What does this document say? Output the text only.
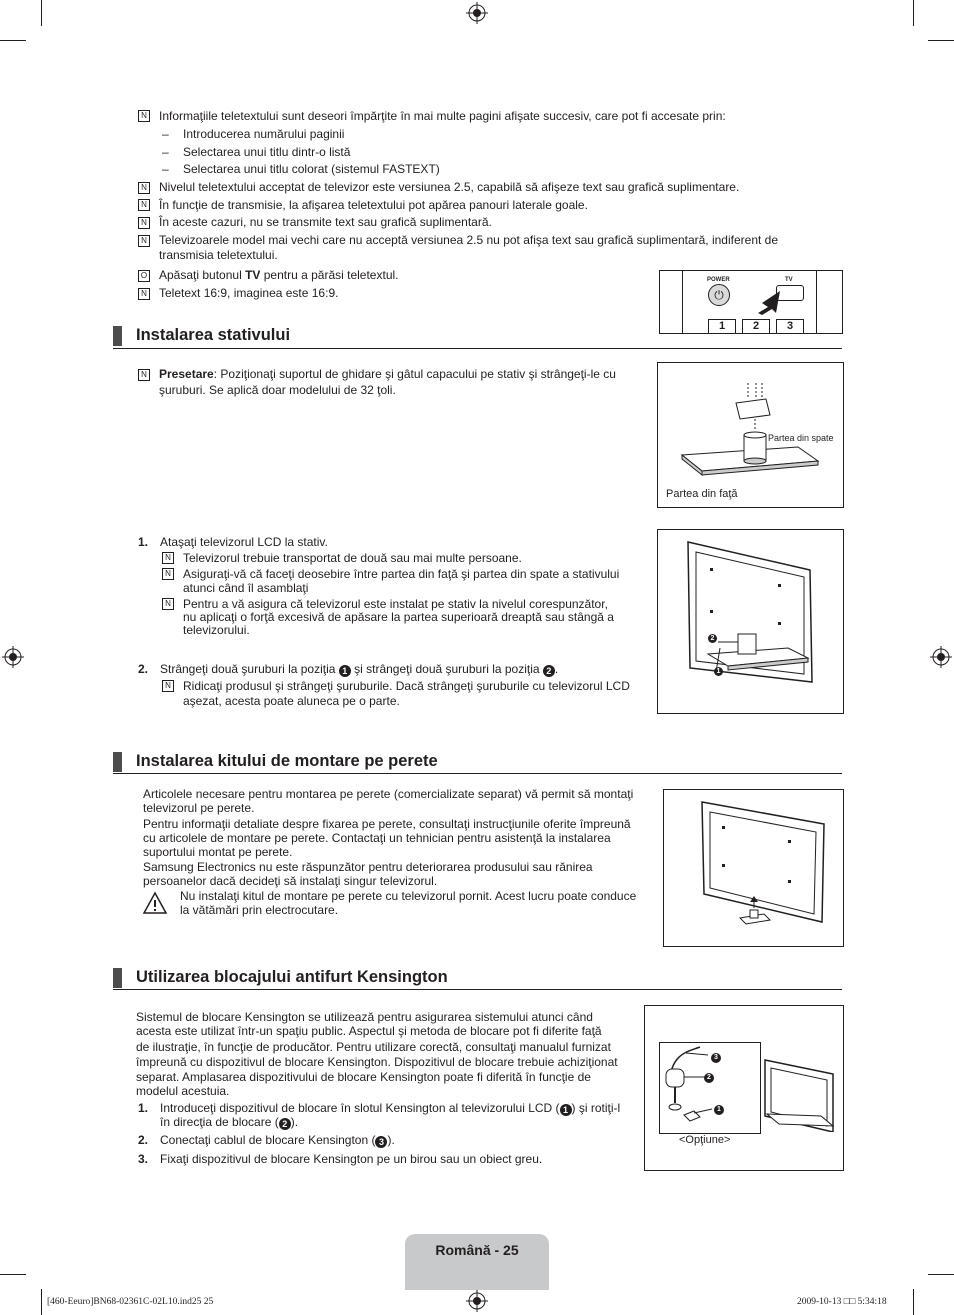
N Informaţiile teletextului sunt deseori împărţite în mai multe pagini afişate succesiv, care pot fi accesate prin:
– Introducerea numărului paginii
– Selectarea unui titlu dintr-o listă
– Selectarea unui titlu colorat (sistemul FASTEXT)
N Nivelul teletextului acceptat de televizor este versiunea 2.5, capabilă să afişeze text sau grafică suplimentare.
N În funcţie de transmisie, la afişarea teletextului pot apărea panouri laterale goale.
N În aceste cazuri, nu se transmite text sau grafică suplimentară.
N Televizoarele model mai vechi care nu acceptă versiunea 2.5 nu pot afişa text sau grafică suplimentară, indiferent de
transmisia teletextului.
O Apăsaţi butonul TV pentru a părăsi teletextul.
N Teletext 16:9, imaginea este 16:9.
POWER
⏻
TV
1	2	3
Instalarea stativului
N Presetare: Poziţionaţi suportul de ghidare şi gâtul capacului pe stativ şi strângeţi-le cu
şuruburi. Se aplică doar modelului de 32 ţoli.
Partea din spate
Partea din faţă
1. Ataşaţi televizorul LCD la stativ.
N Televizorul trebuie transportat de două sau mai multe persoane.
N Asiguraţi-vă că faceţi deosebire între partea din faţă şi partea din spate a stativului
atunci când îl asamblaţi
N Pentru a vă asigura că televizorul este instalat pe stativ la nivelul corespunzător,
nu aplicaţi o forţă excesivă de apăsare la partea superioară dreaptă sau stângă a
televizorului.
2. Strângeţi două şuruburi la poziţia 1 şi strângeţi două şuruburi la poziţia 2 .
N Ridicaţi produsul şi strângeţi şuruburile. Dacă strângeţi şuruburile cu televizorul LCD
aşezat, acesta poate aluneca pe o parte.
2
1
Instalarea kitului de montare pe perete
Articolele necesare pentru montarea pe perete (comercializate separat) vă permit să montaţi
televizorul pe perete.
Pentru informaţii detaliate despre fixarea pe perete, consultaţi instrucţiunile oferite împreună
cu articolele de montare pe perete. Contactaţi un tehnician pentru asistenţă la instalarea
suportului montat pe perete.
Samsung Electronics nu este răspunzător pentru deteriorarea produsului sau rănirea
persoanelor dacă decideţi să instalaţi singur televizorul.
Nu instalaţi kitul de montare pe perete cu televizorul pornit. Acest lucru poate conduce
la vătămări prin electrocutare.
Utilizarea blocajului antifurt Kensington
Sistemul de blocare Kensington se utilizează pentru asigurarea sistemului atunci când
acesta este utilizat într-un spaţiu public. Aspectul şi metoda de blocare pot fi diferite faţă
de ilustraţie, în funcţie de producător. Pentru utilizare corectă, consultaţi manualul furnizat
împreună cu dispozitivul de blocare Kensington. Dispozitivul de blocare trebuie achiziţionat
separat. Amplasarea dispozitivului de blocare Kensington poate fi diferită în funcţie de
modelul acestuia.
1. Introduceţi dispozitivul de blocare în slotul Kensington al televizorului LCD ( 1 ) şi rotiţi-l
în direcţia de blocare ( 2 ).
2. Conectaţi cablul de blocare Kensington ( 3 ).
3. Fixaţi dispozitivul de blocare Kensington pe un birou sau un obiect greu.
3
2
1
<Opţiune>
Română - 25
[460-Eeuro]BN68-02361C-02L10.ind25 25	2009-10-13 □□ 5:34:18
